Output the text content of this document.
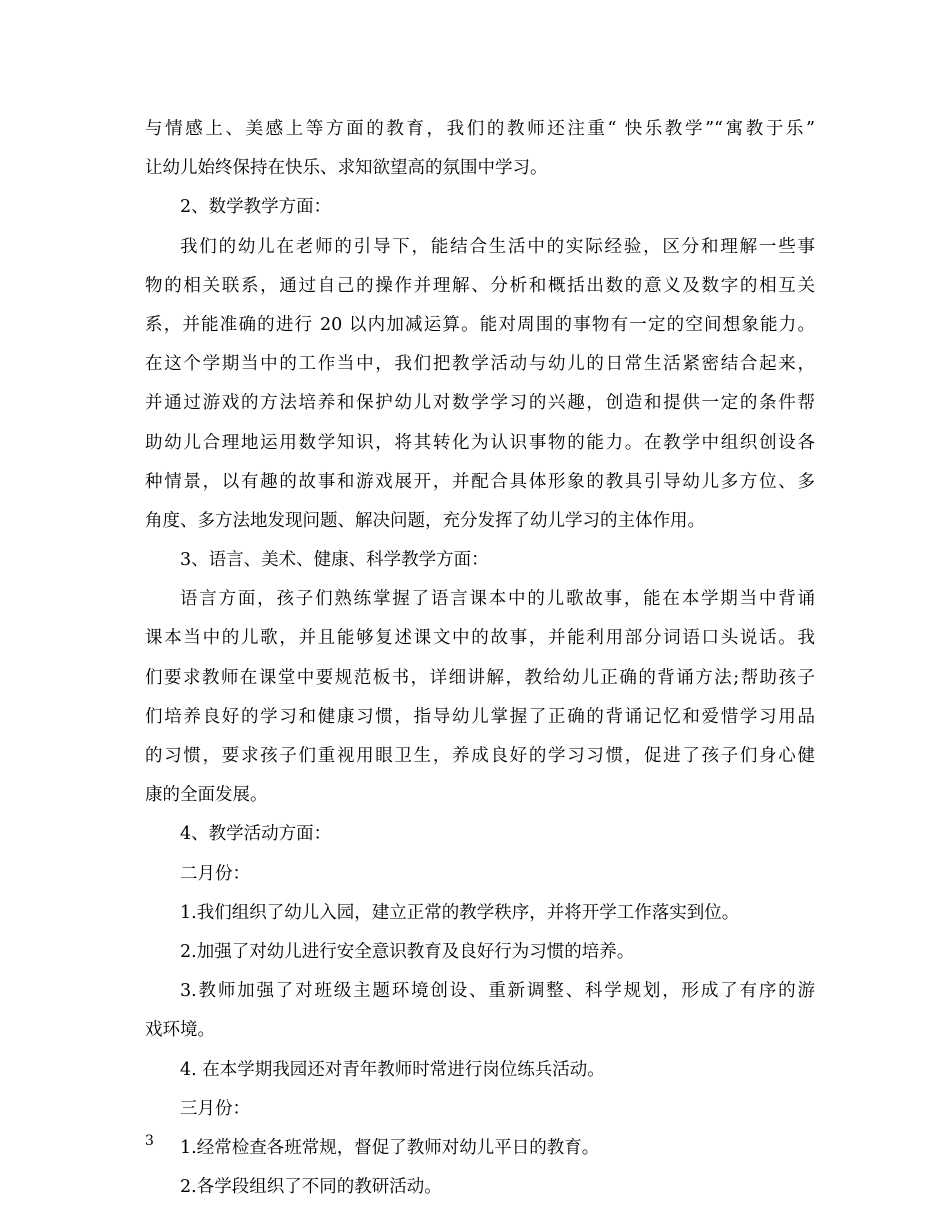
与情感上、美感上等方面的教育，我们的教师还注重“ 快乐教学”“寓教于乐”

让幼儿始终保持在快乐、求知欲望高的氛围中学习。

2、数学教学方面：

我们的幼儿在老师的引导下，能结合生活中的实际经验，区分和理解一些事

物的相关联系，通过自己的操作并理解、分析和概括出数的意义及数字的相互关

系，并能准确的进行 20 以内加减运算。能对周围的事物有一定的空间想象能力。

在这个学期当中的工作当中，我们把教学活动与幼儿的日常生活紧密结合起来，

并通过游戏的方法培养和保护幼儿对数学学习的兴趣，创造和提供一定的条件帮

助幼儿合理地运用数学知识，将其转化为认识事物的能力。在教学中组织创设各

种情景，以有趣的故事和游戏展开，并配合具体形象的教具引导幼儿多方位、多

角度、多方法地发现问题、解决问题，充分发挥了幼儿学习的主体作用。

3、语言、美术、健康、科学教学方面：

语言方面，孩子们熟练掌握了语言课本中的儿歌故事，能在本学期当中背诵

课本当中的儿歌，并且能够复述课文中的故事，并能利用部分词语口头说话。我

们要求教师在课堂中要规范板书，详细讲解，教给幼儿正确的背诵方法;帮助孩子

们培养良好的学习和健康习惯，指导幼儿掌握了正确的背诵记忆和爱惜学习用品

的习惯，要求孩子们重视用眼卫生，养成良好的学习习惯，促进了孩子们身心健

康的全面发展。

4、教学活动方面：

二月份：

1.我们组织了幼儿入园，建立正常的教学秩序，并将开学工作落实到位。

2.加强了对幼儿进行安全意识教育及良好行为习惯的培养。

3.教师加强了对班级主题环境创设、重新调整、科学规划，形成了有序的游

戏环境。

4. 在本学期我园还对青年教师时常进行岗位练兵活动。

三月份：

1.经常检查各班常规，督促了教师对幼儿平日的教育。

2.各学段组织了不同的教研活动。

3
